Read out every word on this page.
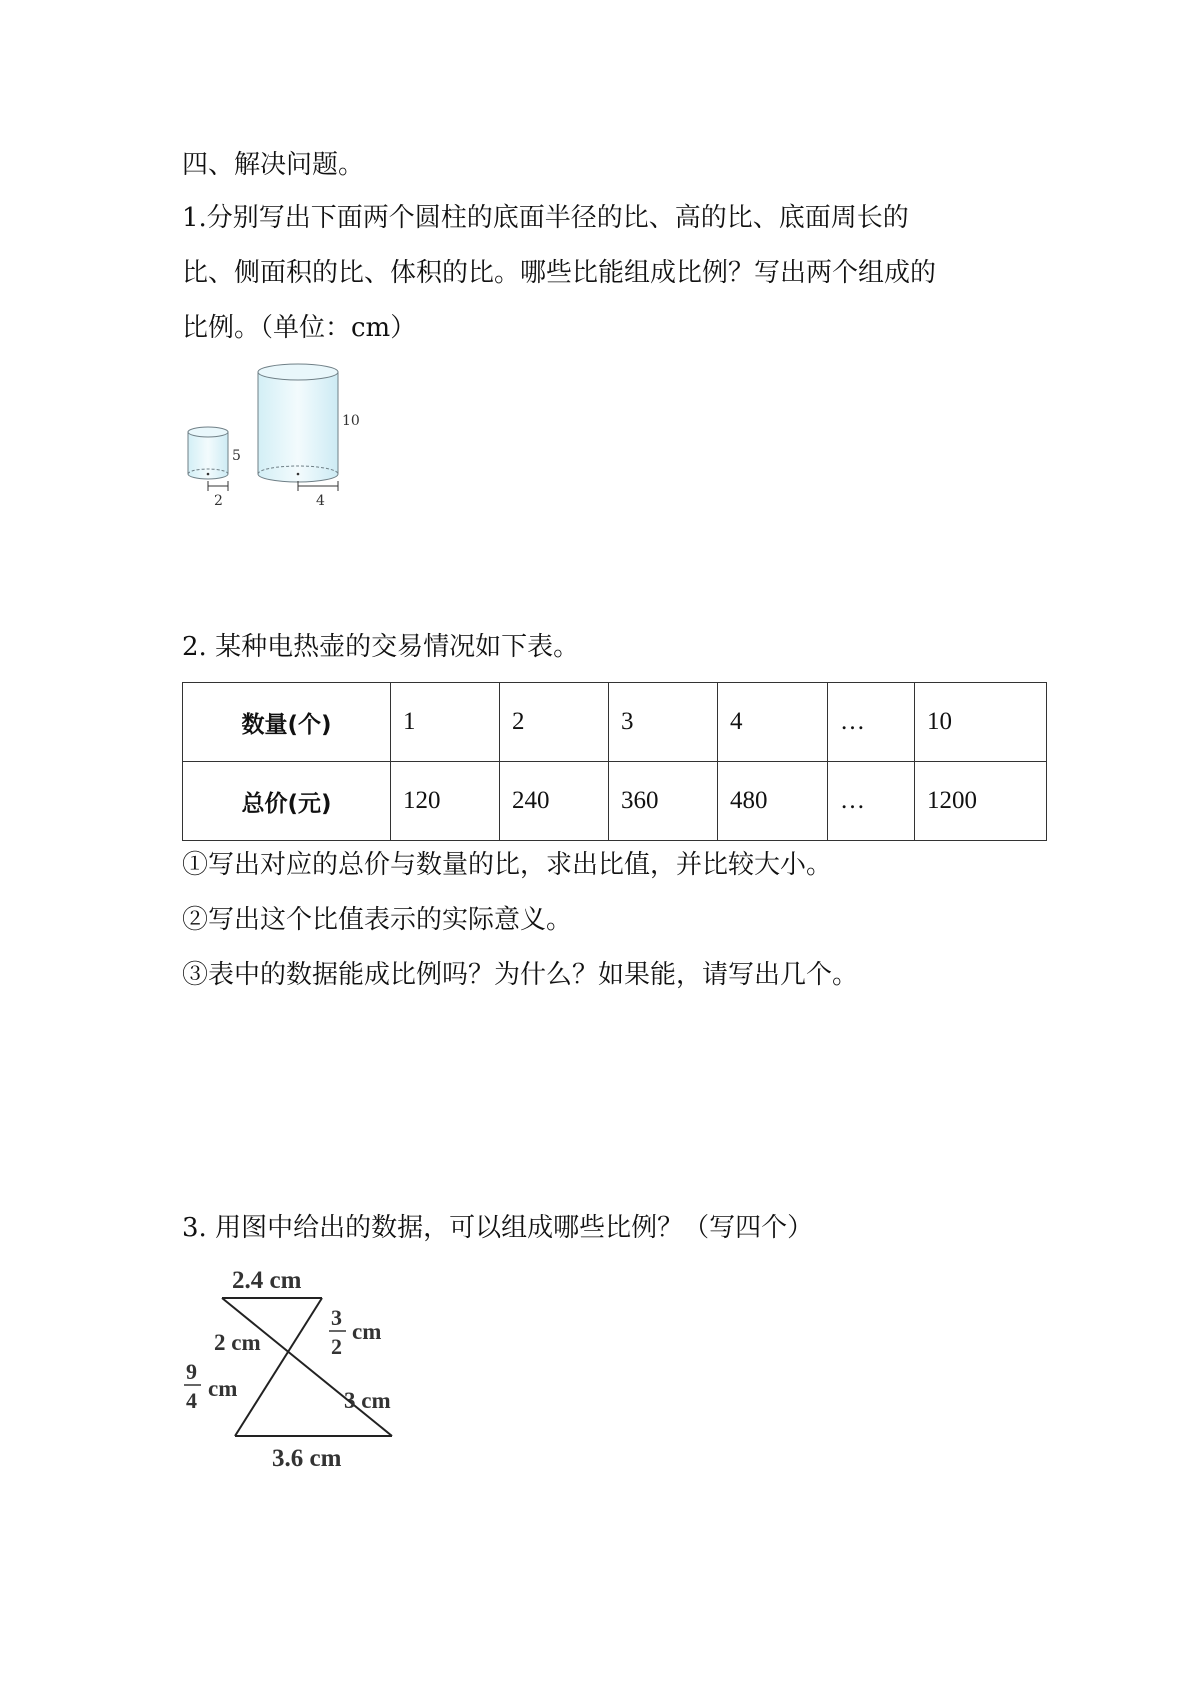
四、解决问题。

1.分别写出下面两个圆柱的底面半径的比、高的比、底面周长的

比、侧面积的比、体积的比。哪些比能组成比例？写出两个组成的

比例。（单位：cm）

5
2
10
4

2. 某种电热壶的交易情况如下表。

数量(个)	1	2	3	4	…	10
总价(元)	120	240	360	480	…	1200

①写出对应的总价与数量的比，求出比值，并比较大小。

②写出这个比值表示的实际意义。

③表中的数据能成比例吗？为什么？如果能，请写出几个。

3. 用图中给出的数据，可以组成哪些比例？（写四个）

2.4 cm
2 cm
3
2
cm
9
4 cm	3 cm
3.6 cm
